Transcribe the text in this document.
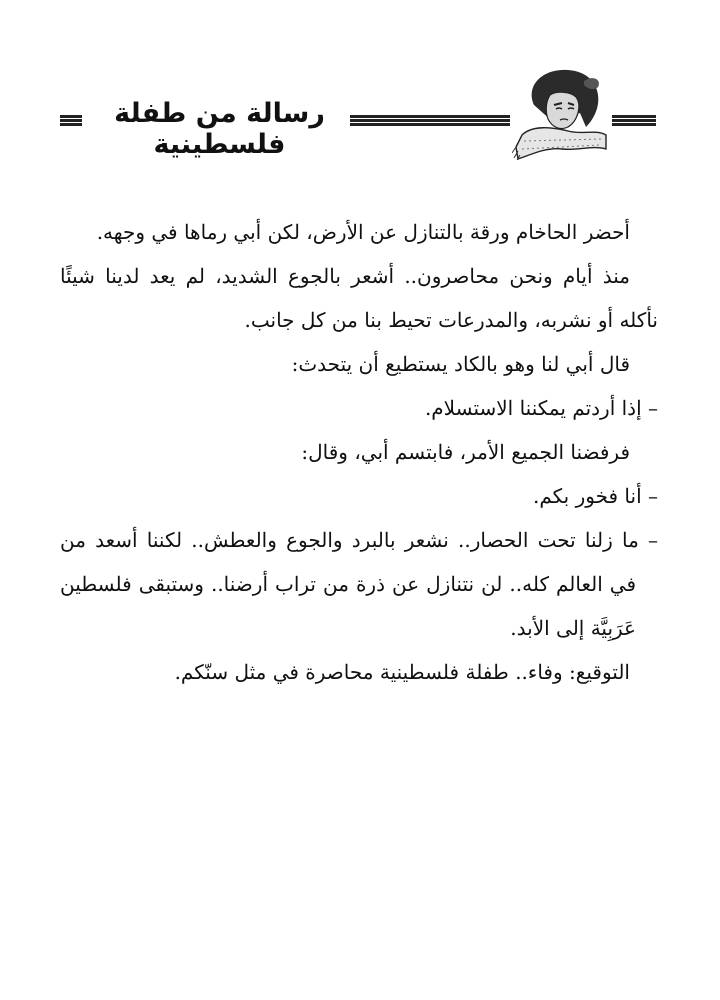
رسالة من طفلة فلسطينية

أحضر الحاخام ورقة بالتنازل عن الأرض، لكن أبي رماها في وجهه.

منذ أيام ونحن محاصرون.. أشعر بالجوع الشديد، لم يعد لدينا شيئًا نأكله أو نشربه، والمدرعات تحيط بنا من كل جانب.

قال أبي لنا وهو بالكاد يستطيع أن يتحدث:

– إذا أردتم يمكننا الاستسلام.

فرفضنا الجميع الأمر، فابتسم أبي، وقال:

– أنا فخور بكم.

– ما زلنا تحت الحصار.. نشعر بالبرد والجوع والعطش.. لكننا أسعد من في العالم كله.. لن نتنازل عن ذرة من تراب أرضنا.. وستبقى فلسطين عَرَبِيَّة إلى الأبد.

التوقيع: وفاء.. طفلة فلسطينية محاصرة في مثل سنّكم.
